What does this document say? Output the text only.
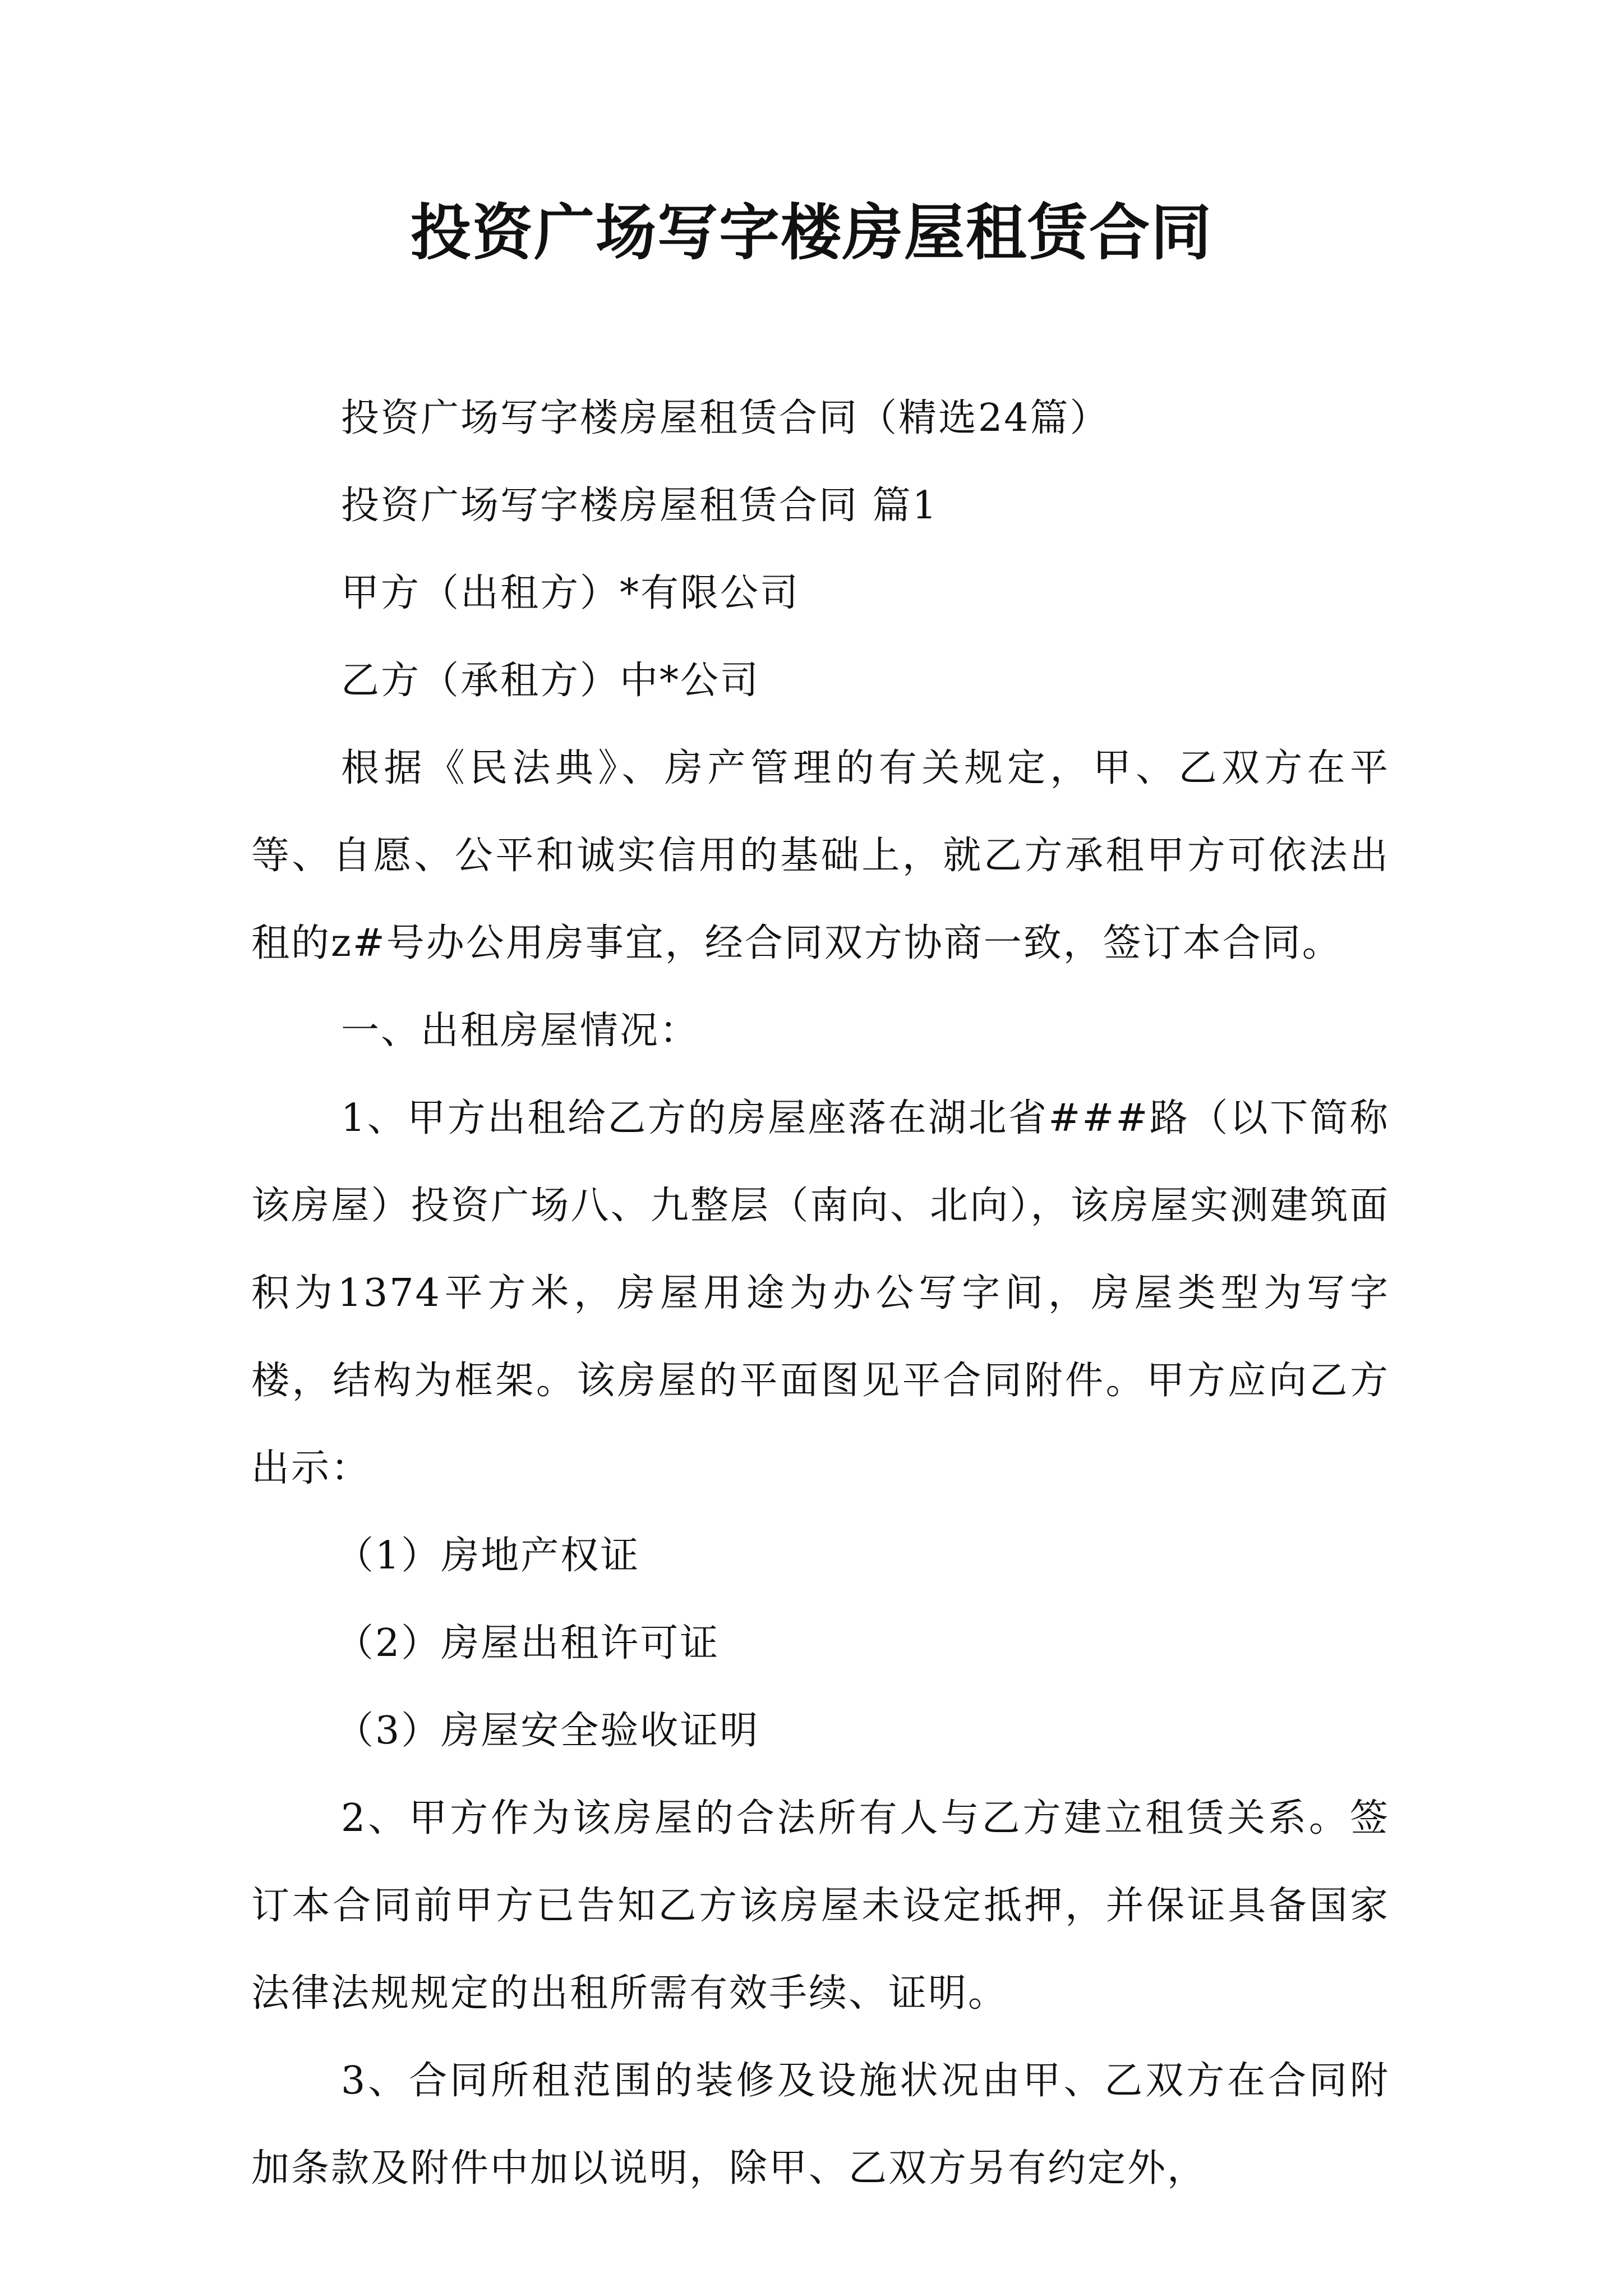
投资广场写字楼房屋租赁合同

投资广场写字楼房屋租赁合同（精选24篇）

投资广场写字楼房屋租赁合同 篇1

甲方（出租方）*有限公司

乙方（承租方）中*公司

根据《民法典》、房产管理的有关规定，甲、乙双方在平等、自愿、公平和诚实信用的基础上，就乙方承租甲方可依法出租的z#号办公用房事宜，经合同双方协商一致，签订本合同。

一、出租房屋情况：

1、甲方出租给乙方的房屋座落在湖北省###路（以下简称该房屋）投资广场八、九整层（南向、北向），该房屋实测建筑面积为1374平方米，房屋用途为办公写字间，房屋类型为写字楼，结构为框架。该房屋的平面图见平合同附件。甲方应向乙方出示：

（1）房地产权证

（2）房屋出租许可证

（3）房屋安全验收证明

2、甲方作为该房屋的合法所有人与乙方建立租赁关系。签订本合同前甲方已告知乙方该房屋未设定抵押，并保证具备国家法律法规规定的出租所需有效手续、证明。

3、合同所租范围的装修及设施状况由甲、乙双方在合同附加条款及附件中加以说明，除甲、乙双方另有约定外，
